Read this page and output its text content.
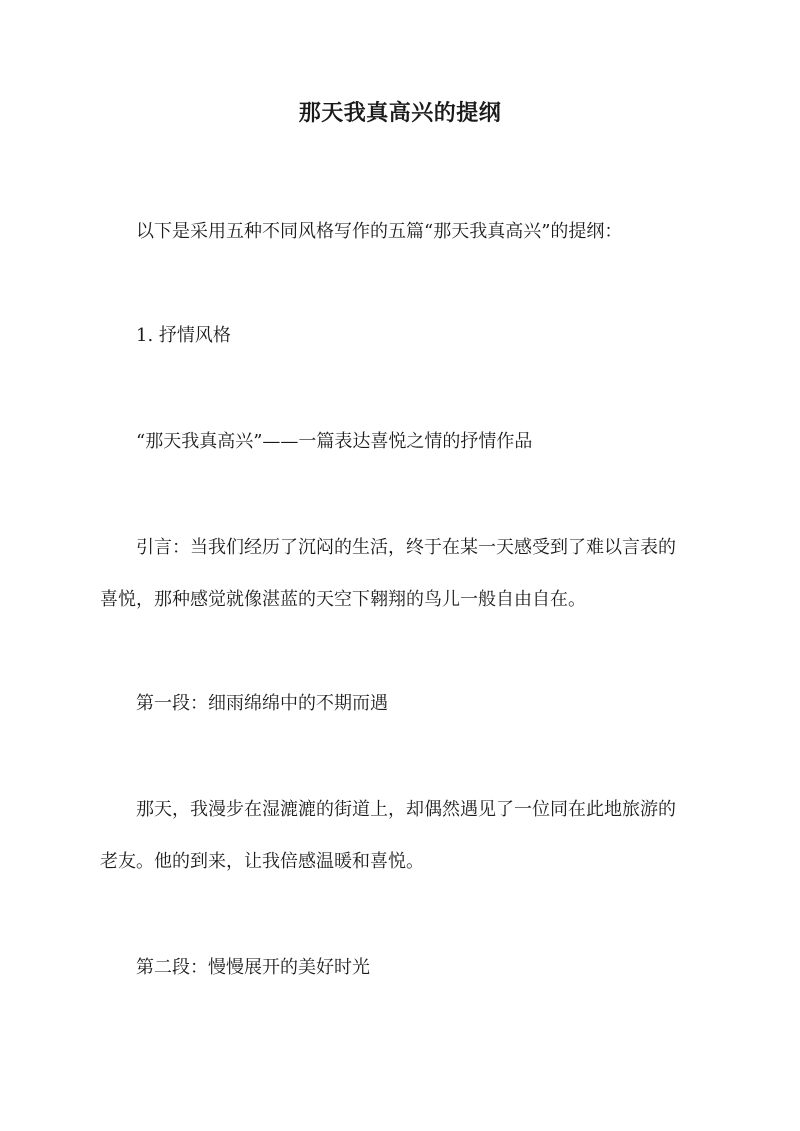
那天我真高兴的提纲

以下是采用五种不同风格写作的五篇“那天我真高兴”的提纲：

1. 抒情风格

“那天我真高兴”——一篇表达喜悦之情的抒情作品

引言：当我们经历了沉闷的生活，终于在某一天感受到了难以言表的
喜悦，那种感觉就像湛蓝的天空下翱翔的鸟儿一般自由自在。

第一段：细雨绵绵中的不期而遇

那天，我漫步在湿漉漉的街道上，却偶然遇见了一位同在此地旅游的
老友。他的到来，让我倍感温暖和喜悦。

第二段：慢慢展开的美好时光
